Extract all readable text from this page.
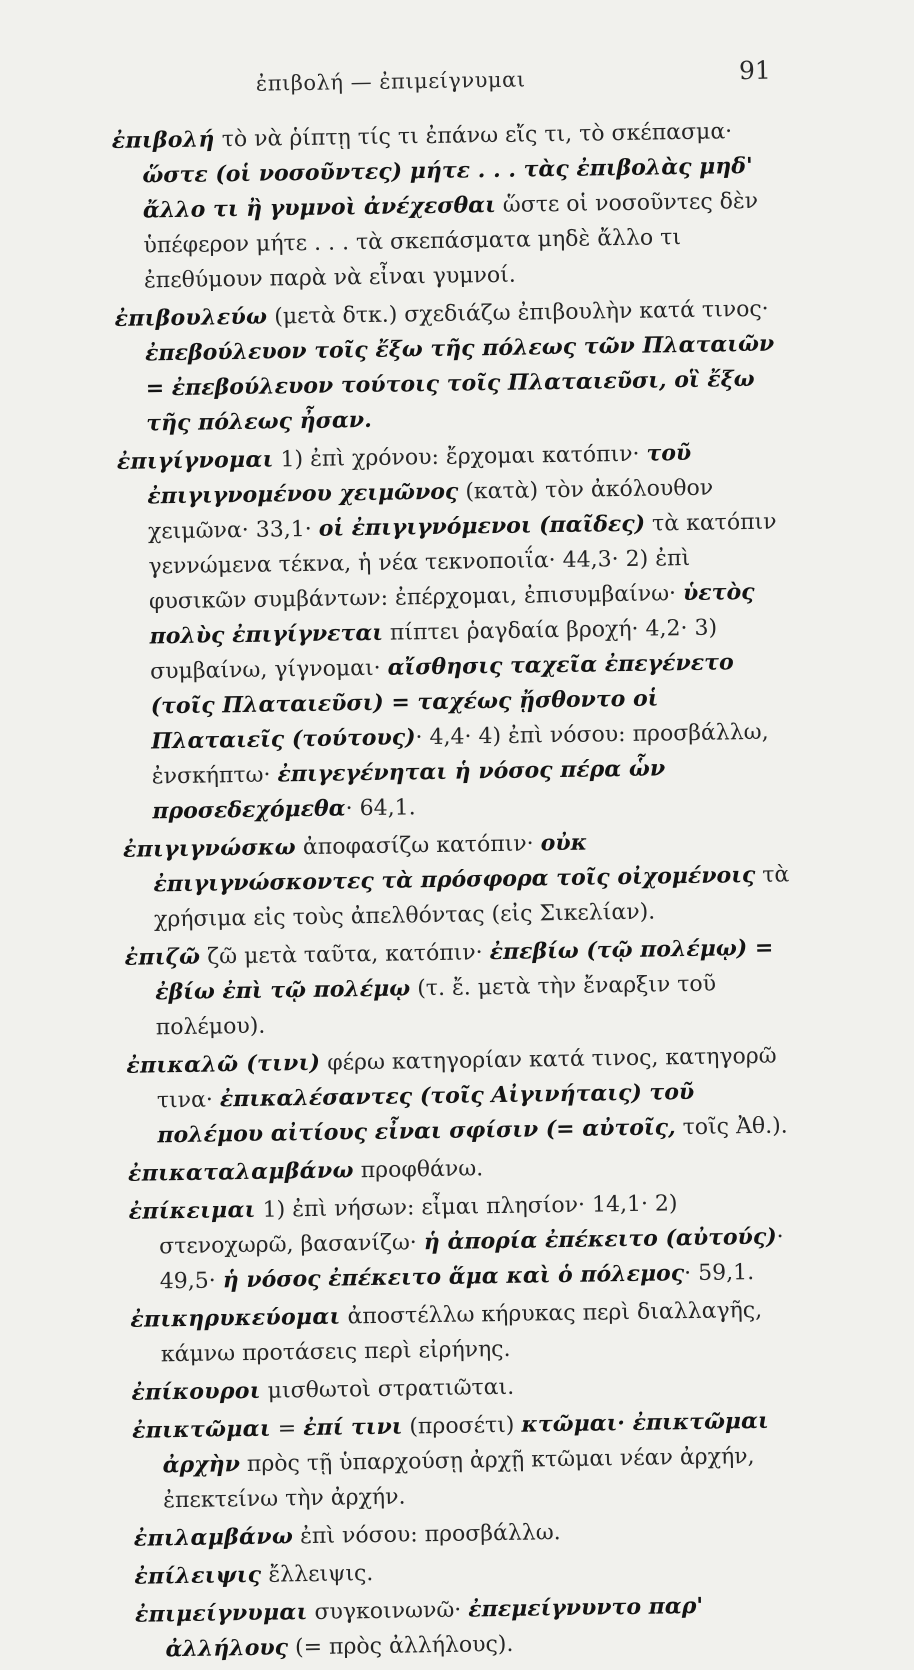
ἐπιβολή — ἐπιμείγνυμαι	91

ἐπιβολή τὸ νὰ ῥίπτῃ τίς τι ἐπάνω εἴς τι, τὸ σκέπασμα· ὥστε (οἱ νοσοῦντες) μήτε . . . τὰς ἐπιβολὰς μηδ' ἄλλο τι ἢ γυμνοὶ ἀνέχεσθαι ὥστε οἱ νοσοῦντες δὲν ὑπέφερον μήτε . . . τὰ σκεπάσματα μηδὲ ἄλλο τι ἐπεθύμουν παρὰ νὰ εἶναι γυμνοί.

ἐπιβουλεύω (μετὰ δτκ.) σχεδιάζω ἐπιβουλὴν κατά τινος· ἐπεβούλευον τοῖς ἔξω τῆς πόλεως τῶν Πλαταιῶν = ἐπεβούλευον τούτοις τοῖς Πλαταιεῦσι, οἳ ἔξω τῆς πόλεως ἦσαν.

ἐπιγίγνομαι 1) ἐπὶ χρόνου: ἔρχομαι κατόπιν· τοῦ ἐπιγιγνομένου χειμῶνος (κατὰ) τὸν ἀκόλουθον χειμῶνα· 33,1· οἱ ἐπιγιγνόμενοι (παῖδες) τὰ κατόπιν γεννώμενα τέκνα, ἡ νέα τεκνοποιΐα· 44,3· 2) ἐπὶ φυσικῶν συμβάντων: ἐπέρχομαι, ἐπισυμβαίνω· ὑετὸς πολὺς ἐπιγίγνεται πίπτει ῥαγδαία βροχή· 4,2· 3) συμβαίνω, γίγνομαι· αἴσθησις ταχεῖα ἐπεγένετο (τοῖς Πλαταιεῦσι) = ταχέως ᾔσθοντο οἱ Πλαταιεῖς (τούτους)· 4,4· 4) ἐπὶ νόσου: προσβάλλω, ἐνσκήπτω· ἐπιγεγένηται ἡ νόσος πέρα ὧν προσεδεχόμεθα· 64,1.

ἐπιγιγνώσκω ἀποφασίζω κατόπιν· οὐκ ἐπιγιγνώσκοντες τὰ πρόσφορα τοῖς οἰχομένοις τὰ χρήσιμα εἰς τοὺς ἀπελθόντας (εἰς Σικελίαν).

ἐπιζῶ ζῶ μετὰ ταῦτα, κατόπιν· ἐπεβίω (τῷ πολέμῳ) = ἐβίω ἐπὶ τῷ πολέμῳ (τ. ἔ. μετὰ τὴν ἔναρξιν τοῦ πολέμου).

ἐπικαλῶ (τινι) φέρω κατηγορίαν κατά τινος, κατηγορῶ τινα· ἐπικαλέσαντες (τοῖς Αἰγινήταις) τοῦ πολέμου αἰτίους εἶναι σφίσιν (= αὐτοῖς, τοῖς Ἀθ.).

ἐπικαταλαμβάνω προφθάνω.

ἐπίκειμαι 1) ἐπὶ νήσων: εἶμαι πλησίον· 14,1· 2) στενοχωρῶ, βασανίζω· ἡ ἀπορία ἐπέκειτο (αὐτούς)· 49,5· ἡ νόσος ἐπέκειτο ἅμα καὶ ὁ πόλεμος· 59,1.

ἐπικηρυκεύομαι ἀποστέλλω κήρυκας περὶ διαλλαγῆς, κάμνω προτάσεις περὶ εἰρήνης.

ἐπίκουροι μισθωτοὶ στρατιῶται.

ἐπικτῶμαι = ἐπί τινι (προσέτι) κτῶμαι· ἐπικτῶμαι ἀρχὴν πρὸς τῇ ὑπαρχούσῃ ἀρχῇ κτῶμαι νέαν ἀρχήν, ἐπεκτείνω τὴν ἀρχήν.

ἐπιλαμβάνω ἐπὶ νόσου: προσβάλλω.

ἐπίλειψις ἔλλειψις.

ἐπιμείγνυμαι συγκοινωνῶ· ἐπεμείγνυντο παρ' ἀλλήλους (= πρὸς ἀλλήλους).
